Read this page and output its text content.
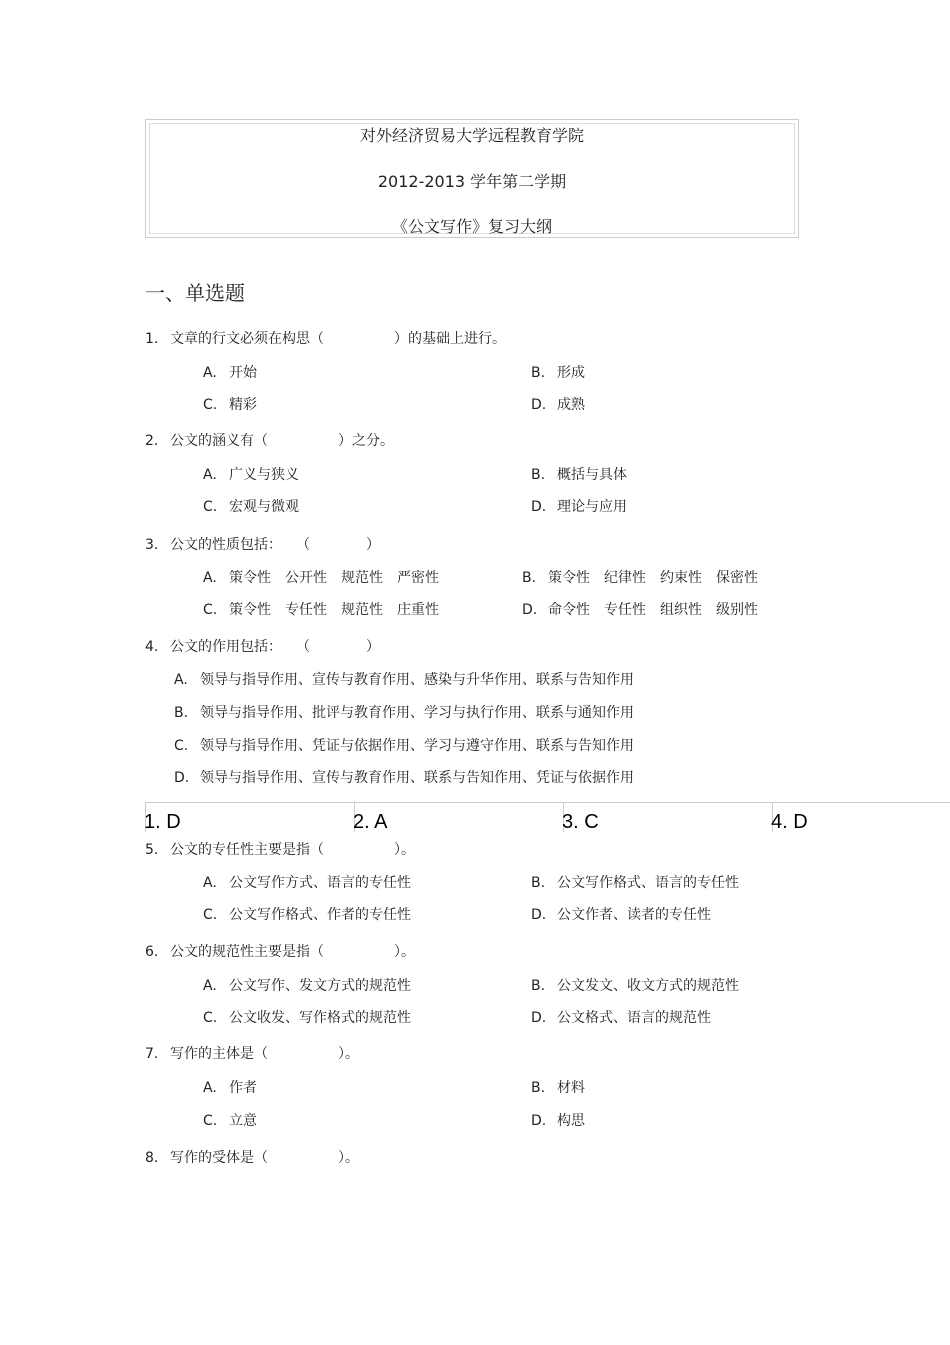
对外经济贸易大学远程教育学院
2012-2013 学年第二学期
《公文写作》复习大纲
一、单选题
1. 文章的行文必须在构思（　　　　　）的基础上进行。
A. 开始	B. 形成
C. 精彩	D. 成熟
2. 公文的涵义有（　　　　　）之分。
A. 广义与狭义	B. 概括与具体
C. 宏观与微观	D. 理论与应用
3. 公文的性质包括：　　（　　　　）
A. 策令性　公开性　规范性　严密性	B. 策令性　纪律性　约束性　保密性
C. 策令性　专任性　规范性　庄重性	D. 命令性　专任性　组织性　级别性
4. 公文的作用包括：　　（　　　　）
A. 领导与指导作用、宣传与教育作用、感染与升华作用、联系与告知作用
B. 领导与指导作用、批评与教育作用、学习与执行作用、联系与通知作用
C. 领导与指导作用、凭证与依据作用、学习与遵守作用、联系与告知作用
D. 领导与指导作用、宣传与教育作用、联系与告知作用、凭证与依据作用
1. D	2. A	3. C	4. D
5. 公文的专任性主要是指（　　　　　）。
A. 公文写作方式、语言的专任性	B. 公文写作格式、语言的专任性
C. 公文写作格式、作者的专任性	D. 公文作者、读者的专任性
6. 公文的规范性主要是指（　　　　　）。
A. 公文写作、发文方式的规范性	B. 公文发文、收文方式的规范性
C. 公文收发、写作格式的规范性	D. 公文格式、语言的规范性
7. 写作的主体是（　　　　　）。
A. 作者	B. 材料
C. 立意	D. 构思
8. 写作的受体是（　　　　　）。
